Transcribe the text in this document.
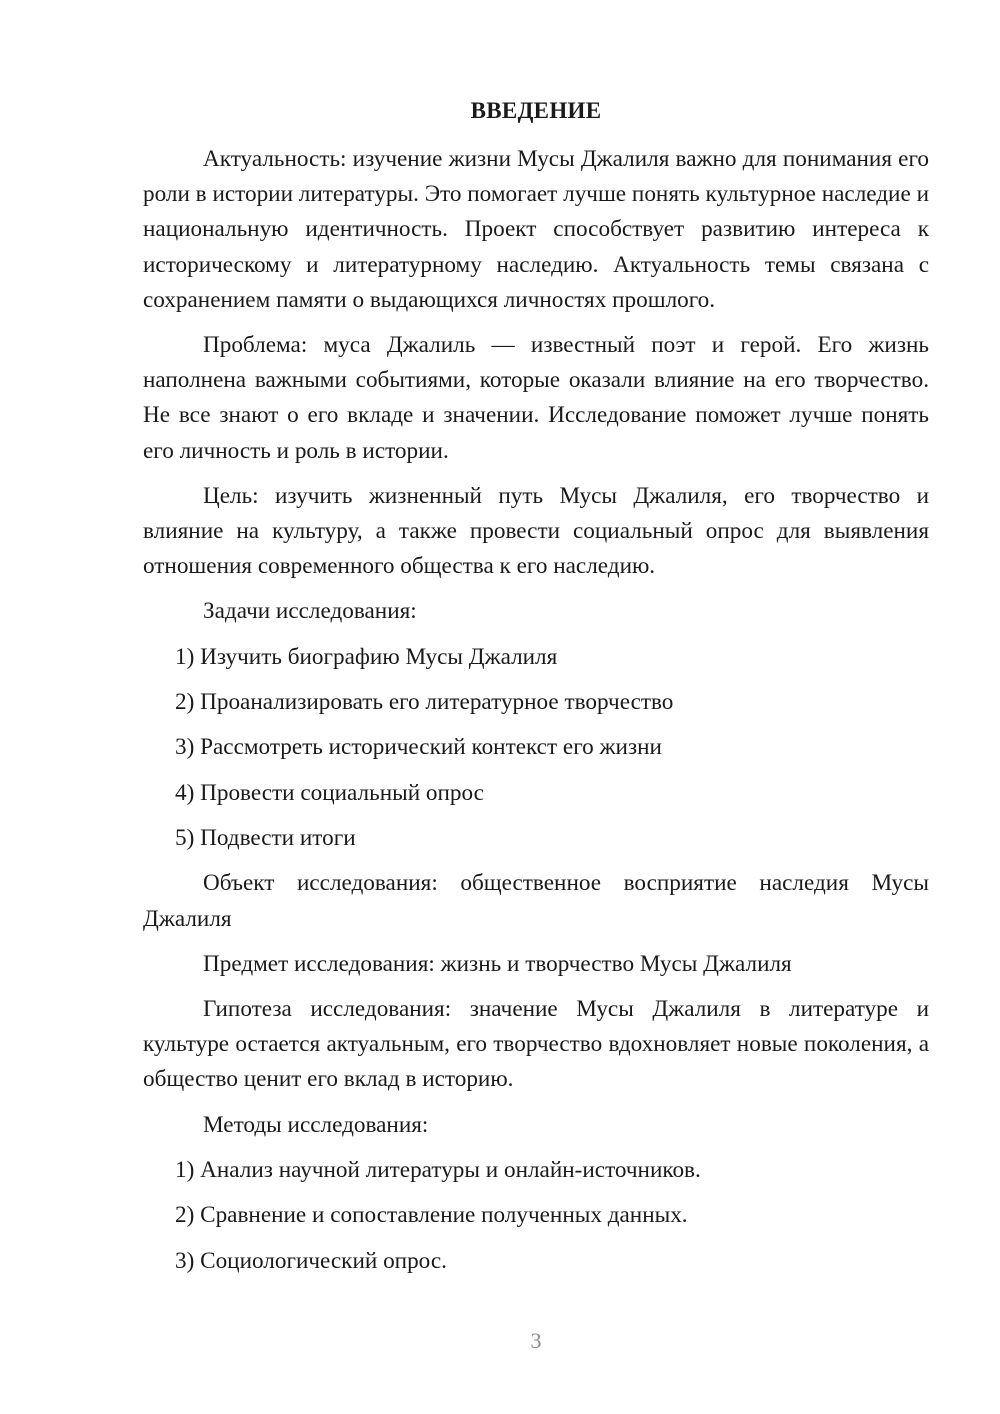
ВВЕДЕНИЕ

Актуальность: изучение жизни Мусы Джалиля важно для понимания его роли в истории литературы. Это помогает лучше понять культурное наследие и национальную идентичность. Проект способствует развитию интереса к историческому и литературному наследию. Актуальность темы связана с сохранением памяти о выдающихся личностях прошлого.

Проблема: муса Джалиль — известный поэт и герой. Его жизнь наполнена важными событиями, которые оказали влияние на его творчество. Не все знают о его вкладе и значении. Исследование поможет лучше понять его личность и роль в истории.

Цель: изучить жизненный путь Мусы Джалиля, его творчество и влияние на культуру, а также провести социальный опрос для выявления отношения современного общества к его наследию.

Задачи исследования:

1) Изучить биографию Мусы Джалиля
2) Проанализировать его литературное творчество
3) Рассмотреть исторический контекст его жизни
4) Провести социальный опрос
5) Подвести итоги

Объект исследования: общественное восприятие наследия Мусы Джалиля

Предмет исследования: жизнь и творчество Мусы Джалиля

Гипотеза исследования: значение Мусы Джалиля в литературе и культуре остается актуальным, его творчество вдохновляет новые поколения, а общество ценит его вклад в историю.

Методы исследования:

1) Анализ научной литературы и онлайн-источников.
2) Сравнение и сопоставление полученных данных.
3) Социологический опрос.
3
